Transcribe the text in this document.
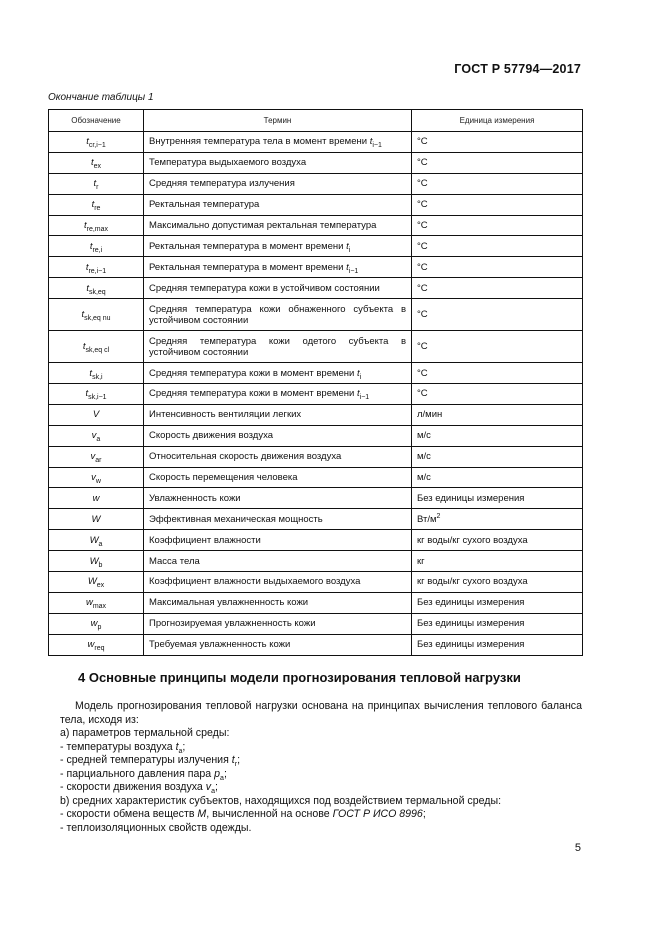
ГОСТ Р 57794—2017
Окончание таблицы 1
Обозначение	Термин	Единица измерения
$t_{cr,i-1}$	Внутренняя температура тела в момент времени $t_{i-1}$	°C
$t_{ex}$	Температура выдыхаемого воздуха	°C
$t_r$	Средняя температура излучения	°C
$t_{re}$	Ректальная температура	°C
$t_{re,max}$	Максимально допустимая ректальная температура	°C
$t_{re,i}$	Ректальная температура в момент времени $t_i$	°C
$t_{re,i-1}$	Ректальная температура в момент времени $t_{i-1}$	°C
$t_{sk,eq}$	Средняя температура кожи в устойчивом состоянии	°C
$t_{sk,eq nu}$	Средняя температура кожи обнаженного субъекта в устойчивом состоянии	°C
$t_{sk,eq cl}$	Средняя температура кожи одетого субъекта в устойчивом состоянии	°C
$t_{sk,i}$	Средняя температура кожи в момент времени $t_i$	°C
$t_{sk,i-1}$	Средняя температура кожи в момент времени $t_{i-1}$	°C
V	Интенсивность вентиляции легких	л/мин
$v_a$	Скорость движения воздуха	м/с
$v_{ar}$	Относительная скорость движения воздуха	м/с
$v_w$	Скорость перемещения человека	м/с
w	Увлажненность кожи	Без единицы измерения
W	Эффективная механическая мощность	$Вт/м^2$
$W_a$	Коэффициент влажности	кг воды/кг сухого воздуха
$W_b$	Масса тела	кг
$W_{ex}$	Коэффициент влажности выдыхаемого воздуха	кг воды/кг сухого воздуха
$w_{max}$	Максимальная увлажненность кожи	Без единицы измерения
$w_p$	Прогнозируемая увлажненность кожи	Без единицы измерения
$w_{req}$	Требуемая увлажненность кожи	Без единицы измерения
4 Основные принципы модели прогнозирования тепловой нагрузки

Модель прогнозирования тепловой нагрузки основана на принципах вычисления теплового баланса тела, исходя из:

а) параметров термальной среды:

- температуры воздуха $t_a$;

- средней температуры излучения $t_r$;

- парциального давления пара $p_a$;

- скорости движения воздуха $v_a$;

b) средних характеристик субъектов, находящихся под воздействием термальной среды:

- скорости обмена веществ M, вычисленной на основе ГОСТ Р ИСО 8996;

- теплоизоляционных свойств одежды.

5
